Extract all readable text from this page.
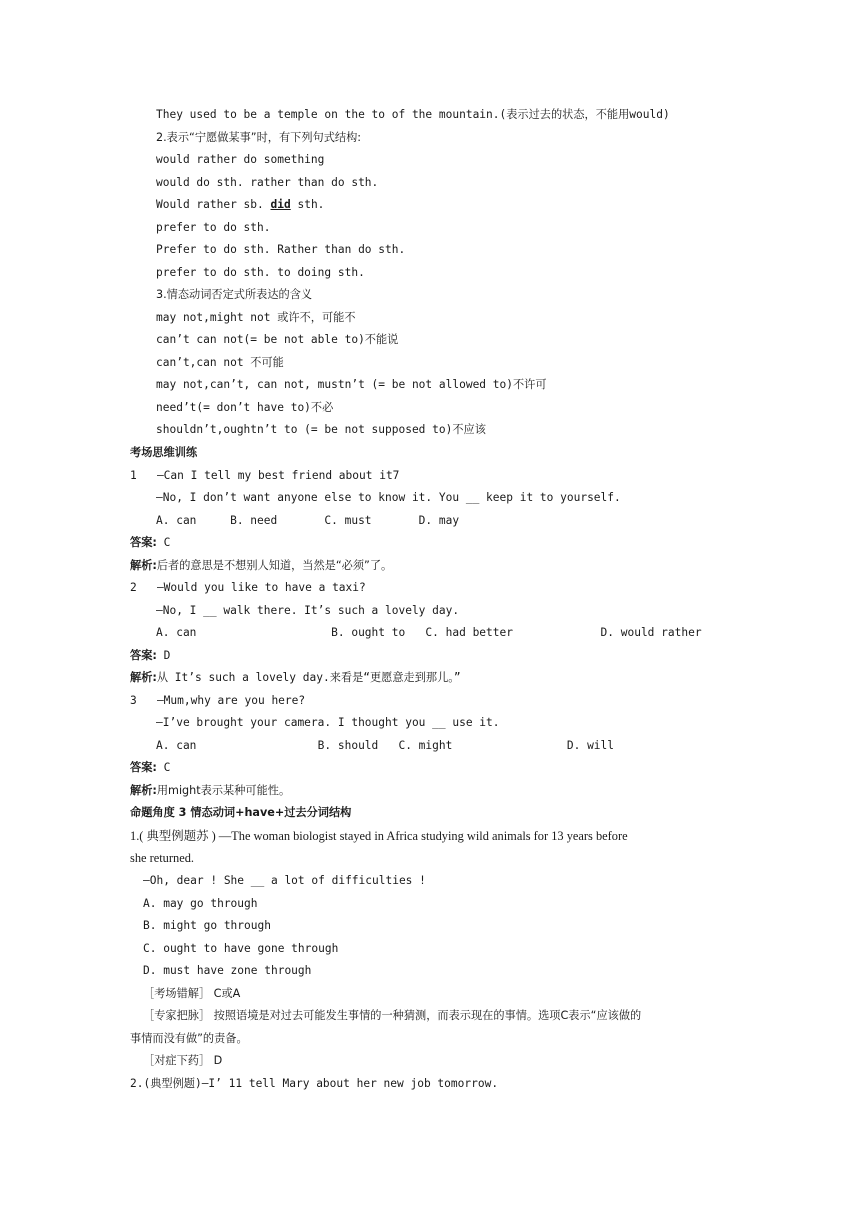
They used to be a temple on the to of the mountain.(表示过去的状态，不能用would)
2.表示“宁愿做某事”时，有下列句式结构:
would rather do something
would do sth. rather than do sth.
Would rather sb. did sth.
prefer to do sth.
Prefer to do sth. Rather than do sth.
prefer to do sth. to doing sth.
3.情态动词否定式所表达的含义
may not,might not 或许不，可能不
can’t can not(= be not able to)不能说
can’t,can not 不可能
may not,can’t, can not, mustn’t (= be not allowed to)不许可
need’t(= don’t have to)不必
shouldn’t,oughtn’t to (= be not supposed to)不应该
考场思维训练
1   —Can I tell my best friend about it7
—No, I don’t want anyone else to know it. You __ keep it to yourself.
A. can     B. need       C. must       D. may
答案: C
解析:后者的意思是不想别人知道，当然是“必须”了。
2   —Would you like to have a taxi?
—No, I __ walk there. It’s such a lovely day.
A. can                    B. ought to   C. had better             D. would rather
答案: D
解析:从 It’s such a lovely day.来看是“更愿意走到那儿。”
3   —Mum,why are you here?
—I’ve brought your camera. I thought you __ use it.
A. can                  B. should   C. might                 D. will
答案: C
解析:用might表示某种可能性。
命题角度 3 情态动词+have+过去分词结构
1.( 典型例题苏 ) —The woman biologist stayed in Africa studying wild animals for 13 years before
she returned.
—Oh, dear ! She __ a lot of difficulties !
A. may go through
B. might go through
C. ought to have gone through
D. must have zone through
［考场错解］ C或A
［专家把脉］ 按照语境是对过去可能发生事情的一种猜测，而表示现在的事情。选项C表示“应该做的
事情而没有做”的责备。
［对症下药］ D
2.(典型例题)—I’ 11 tell Mary about her new job tomorrow.
